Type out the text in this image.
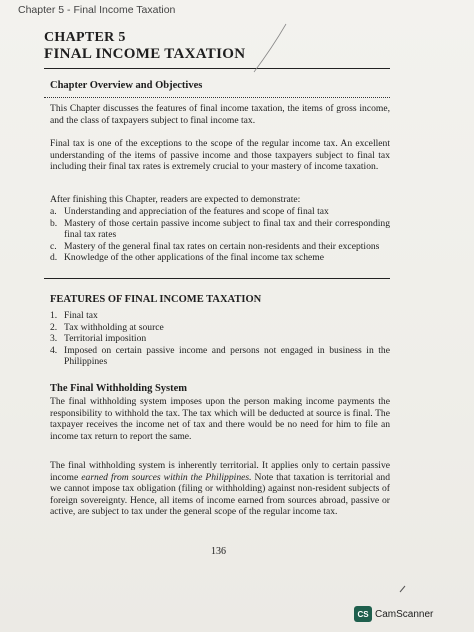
Chapter 5 - Final Income Taxation
CHAPTER 5
FINAL INCOME TAXATION
Chapter Overview and Objectives
This Chapter discusses the features of final income taxation, the items of gross income, and the class of taxpayers subject to final income tax.
Final tax is one of the exceptions to the scope of the regular income tax. An excellent understanding of the items of passive income and those taxpayers subject to final tax including their final tax rates is extremely crucial to your mastery of income taxation.
After finishing this Chapter, readers are expected to demonstrate:
a. Understanding and appreciation of the features and scope of final tax
b. Mastery of those certain passive income subject to final tax and their corresponding final tax rates
c. Mastery of the general final tax rates on certain non-residents and their exceptions
d. Knowledge of the other applications of the final income tax scheme
FEATURES OF FINAL INCOME TAXATION
1. Final tax
2. Tax withholding at source
3. Territorial imposition
4. Imposed on certain passive income and persons not engaged in business in the Philippines
The Final Withholding System
The final withholding system imposes upon the person making income payments the responsibility to withhold the tax. The tax which will be deducted at source is final. The taxpayer receives the income net of tax and there would be no need for him to file an income tax return to report the same.
The final withholding system is inherently territorial. It applies only to certain passive income earned from sources within the Philippines. Note that taxation is territorial and we cannot impose tax obligation (filing or withholding) against non-resident subjects of foreign sovereignty. Hence, all items of income earned from sources abroad, passive or active, are subject to tax under the general scope of the regular income tax.
136
CS CamScanner
